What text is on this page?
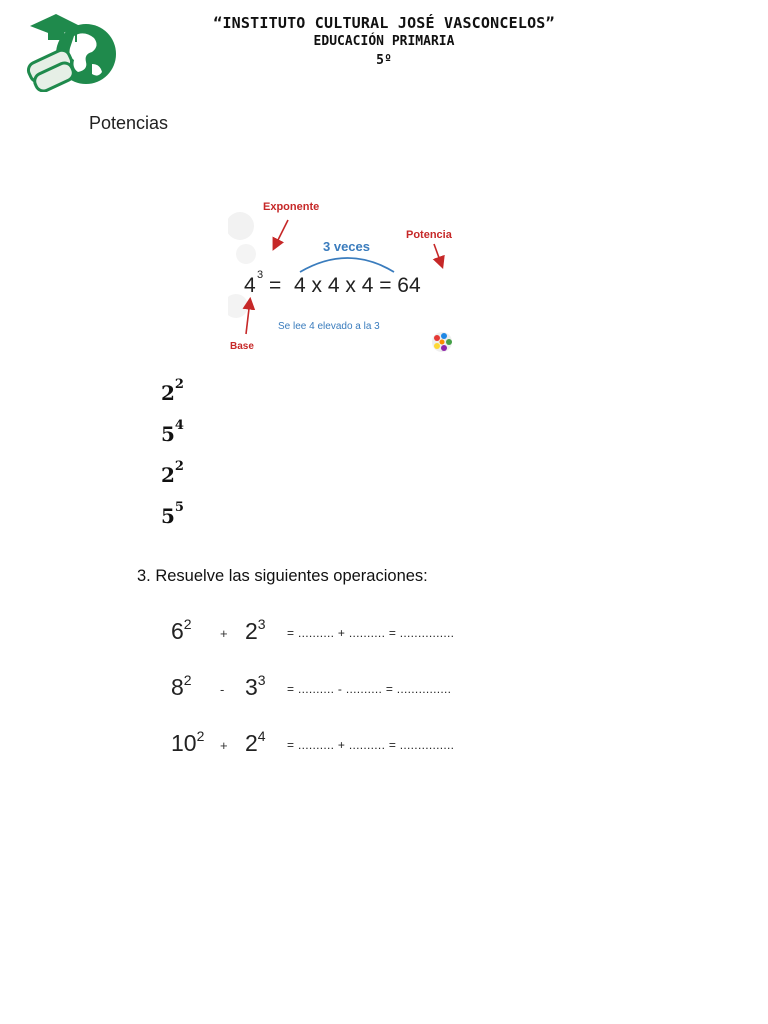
“INSTITUTO CULTURAL JOSÉ VASCONCELOS”
EDUCACIÓN PRIMARIA
5º
Potencias
Exponente
3 veces
Potencia
4 3 = 4 x 4 x 4 = 64
Base
Se lee 4 elevado a la 3
$2^2$
$5^4$
$2^2$
$5^5$
3. Resuelve las siguientes operaciones:
$6^2$
+ $2^3$
= .......... + .......... = ...............
$8^2$
- $3^3$
= .......... - .......... = ...............
$10^2$
+ $2^4$
= .......... + .......... = ...............
